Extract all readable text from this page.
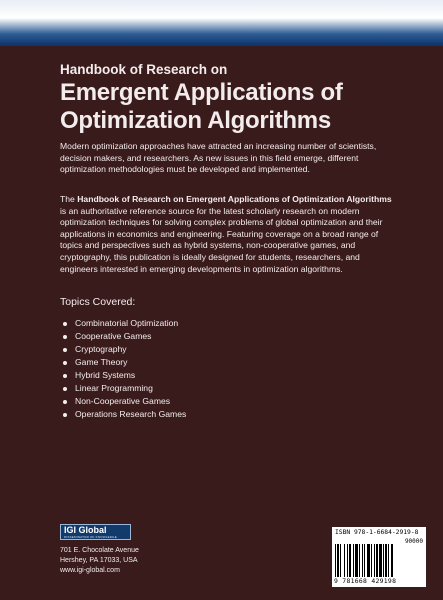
Handbook of Research on

Emergent Applications of

Optimization Algorithms

Modern optimization approaches have attracted an increasing number of scientists, decision makers, and researchers. As new issues in this field emerge, different optimization methodologies must be developed and implemented.

The Handbook of Research on Emergent Applications of Optimization Algorithms is an authoritative reference source for the latest scholarly research on modern optimization techniques for solving complex problems of global optimization and their applications in economics and engineering. Featuring coverage on a broad range of topics and perspectives such as hybrid systems, non-cooperative games, and cryptography, this publication is ideally designed for students, researchers, and engineers interested in emerging developments in optimization algorithms.

Topics Covered:

Combinatorial Optimization
Cooperative Games
Cryptography
Game Theory
Hybrid Systems
Linear Programming
Non-Cooperative Games
Operations Research Games
IGI Global
DISSEMINATOR OF KNOWLEDGE
701 E. Chocolate Avenue
Hershey, PA 17033, USA
www.igi-global.com
ISBN 978-1-6684-2919-8
90000
9 781668 429198
